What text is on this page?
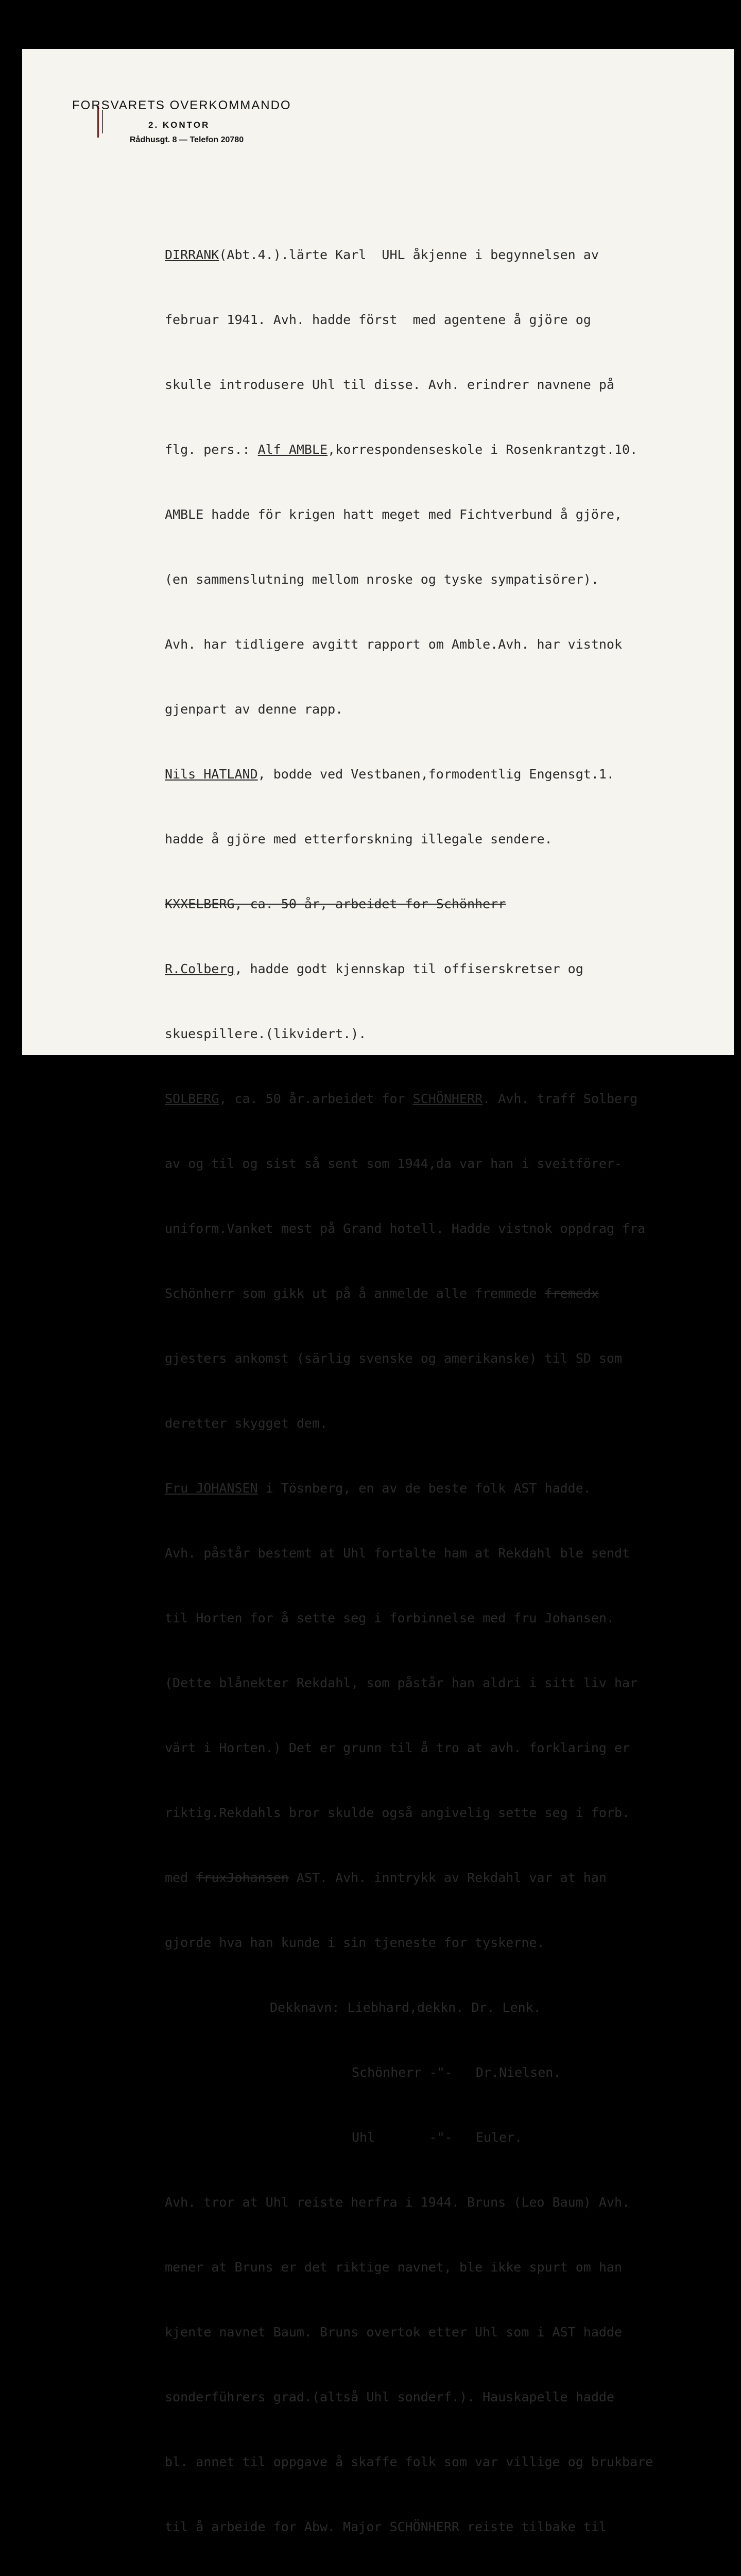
FORSVARETS OVERKOMMANDO
2. KONTOR
Rådhusgt. 8 — Telefon 20780

DIRRANK(Abt.4.).lärte Karl  UHL åkjenne i begynnelsen av

februar 1941. Avh. hadde först  med agentene å gjöre og

skulle introdusere Uhl til disse. Avh. erindrer navnene på

flg. pers.: Alf AMBLE,korrespondenseskole i Rosenkrantzgt.10.

AMBLE hadde för krigen hatt meget med Fichtverbund å gjöre,

(en sammenslutning mellom nroske og tyske sympatisörer).

Avh. har tidligere avgitt rapport om Amble.Avh. har vistnok

gjenpart av denne rapp.

Nils HATLAND, bodde ved Vestbanen,formodentlig Engensgt.1.

hadde å gjöre med etterforskning illegale sendere.

KXXELBERG, ca. 50 år, arbeidet for Schönherr

R.Colberg, hadde godt kjennskap til offiserskretser og

skuespillere.(likvidert.).

SOLBERG, ca. 50 år.arbeidet for SCHÖNHERR. Avh. traff Solberg

av og til og sist så sent som 1944,da var han i sveitförer-

uniform.Vanket mest på Grand hotell. Hadde vistnok oppdrag fra

Schönherr som gikk ut på å anmelde alle fremmede fremedx

gjesters ankomst (särlig svenske og amerikanske) til SD som

deretter skygget dem.

Fru JOHANSEN i Tösnberg, en av de beste folk AST hadde.

Avh. påstår bestemt at Uhl fortalte ham at Rekdahl ble sendt

til Horten for å sette seg i forbinnelse med fru Johansen.

(Dette blånekter Rekdahl, som påstår han aldri i sitt liv har

värt i Horten.) Det er grunn til å tro at avh. forklaring er

riktig.Rekdahls bror skulde også angivelig sette seg i forb.

med fruxJohansen AST. Avh. inntrykk av Rekdahl var at han

gjorde hva han kunde i sin tjeneste for tyskerne.

Dekknavn: Liebhard,dekkn. Dr. Lenk.

Schönherr -"-   Dr.Nielsen.

Uhl       -"-   Euler.

Avh. tror at Uhl reiste herfra i 1944. Bruns (Leo Baum) Avh.

mener at Bruns er det riktige navnet, ble ikke spurt om han

kjente navnet Baum. Bruns overtok etter Uhl som i AST hadde

sonderführers grad.(altså Uhl sonderf.). Hauskapelle hadde

bl. annet til oppgave å skaffe folk som var villige og brukbare

til å arbeide for Abw. Major SCHÖNHERR reiste tilbake til
